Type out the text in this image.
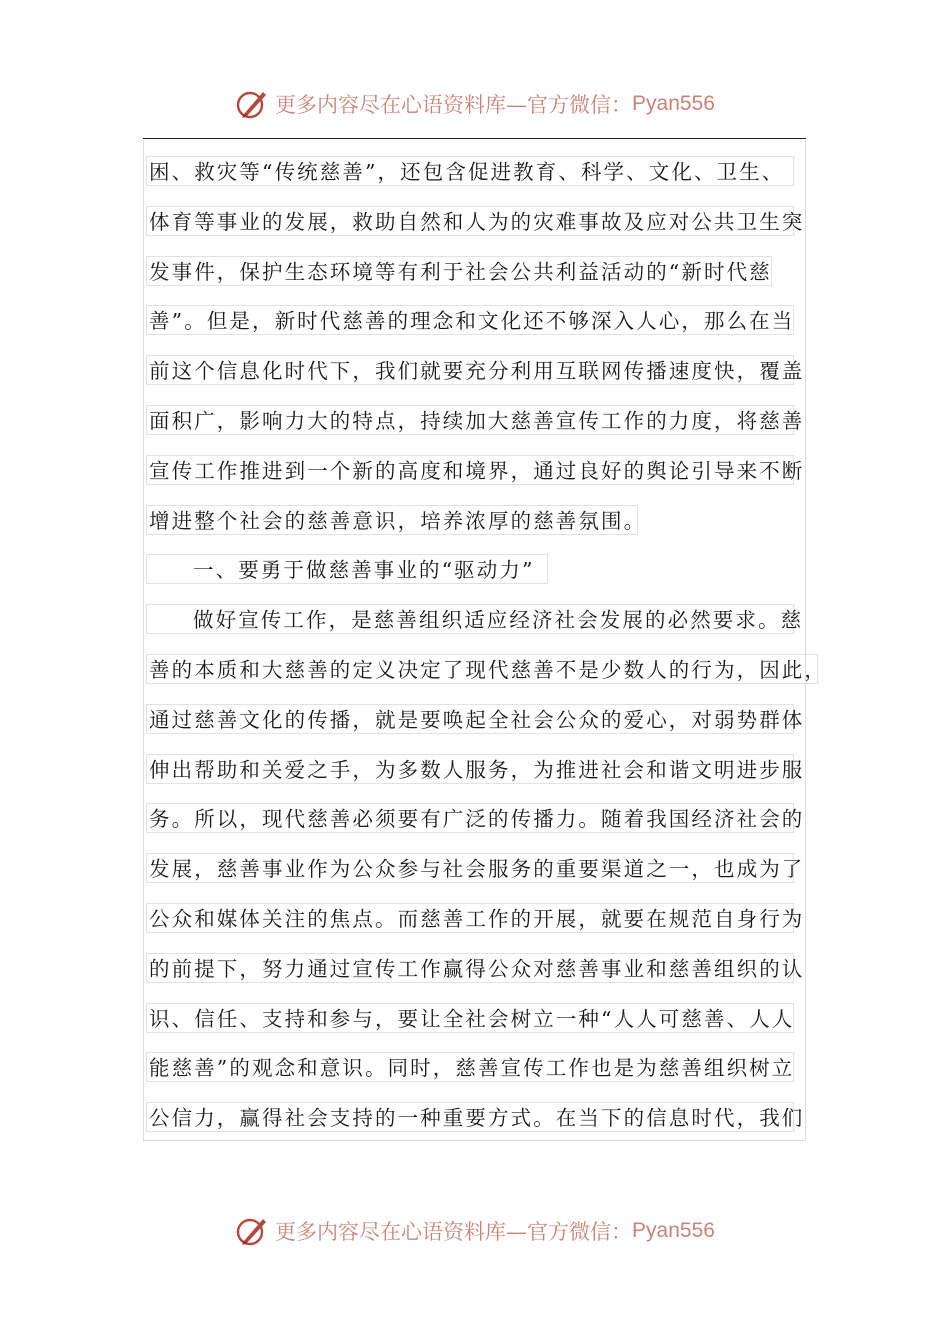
更多内容尽在心语资料库—官方微信： Pyan556
困、救灾等“传统慈善”，还包含促进教育、科学、文化、卫生、
体育等事业的发展，救助自然和人为的灾难事故及应对公共卫生突
发事件，保护生态环境等有利于社会公共利益活动的“新时代慈
善”。但是，新时代慈善的理念和文化还不够深入人心，那么在当
前这个信息化时代下，我们就要充分利用互联网传播速度快，覆盖
面积广，影响力大的特点，持续加大慈善宣传工作的力度，将慈善
宣传工作推进到一个新的高度和境界，通过良好的舆论引导来不断
增进整个社会的慈善意识，培养浓厚的慈善氛围。
一、要勇于做慈善事业的“驱动力”
做好宣传工作，是慈善组织适应经济社会发展的必然要求。慈
善的本质和大慈善的定义决定了现代慈善不是少数人的行为，因此，
通过慈善文化的传播，就是要唤起全社会公众的爱心，对弱势群体
伸出帮助和关爱之手，为多数人服务，为推进社会和谐文明进步服
务。所以，现代慈善必须要有广泛的传播力。随着我国经济社会的
发展，慈善事业作为公众参与社会服务的重要渠道之一，也成为了
公众和媒体关注的焦点。而慈善工作的开展，就要在规范自身行为
的前提下，努力通过宣传工作赢得公众对慈善事业和慈善组织的认
识、信任、支持和参与，要让全社会树立一种“人人可慈善、人人
能慈善”的观念和意识。同时，慈善宣传工作也是为慈善组织树立
公信力，赢得社会支持的一种重要方式。在当下的信息时代，我们
更多内容尽在心语资料库—官方微信： Pyan556
